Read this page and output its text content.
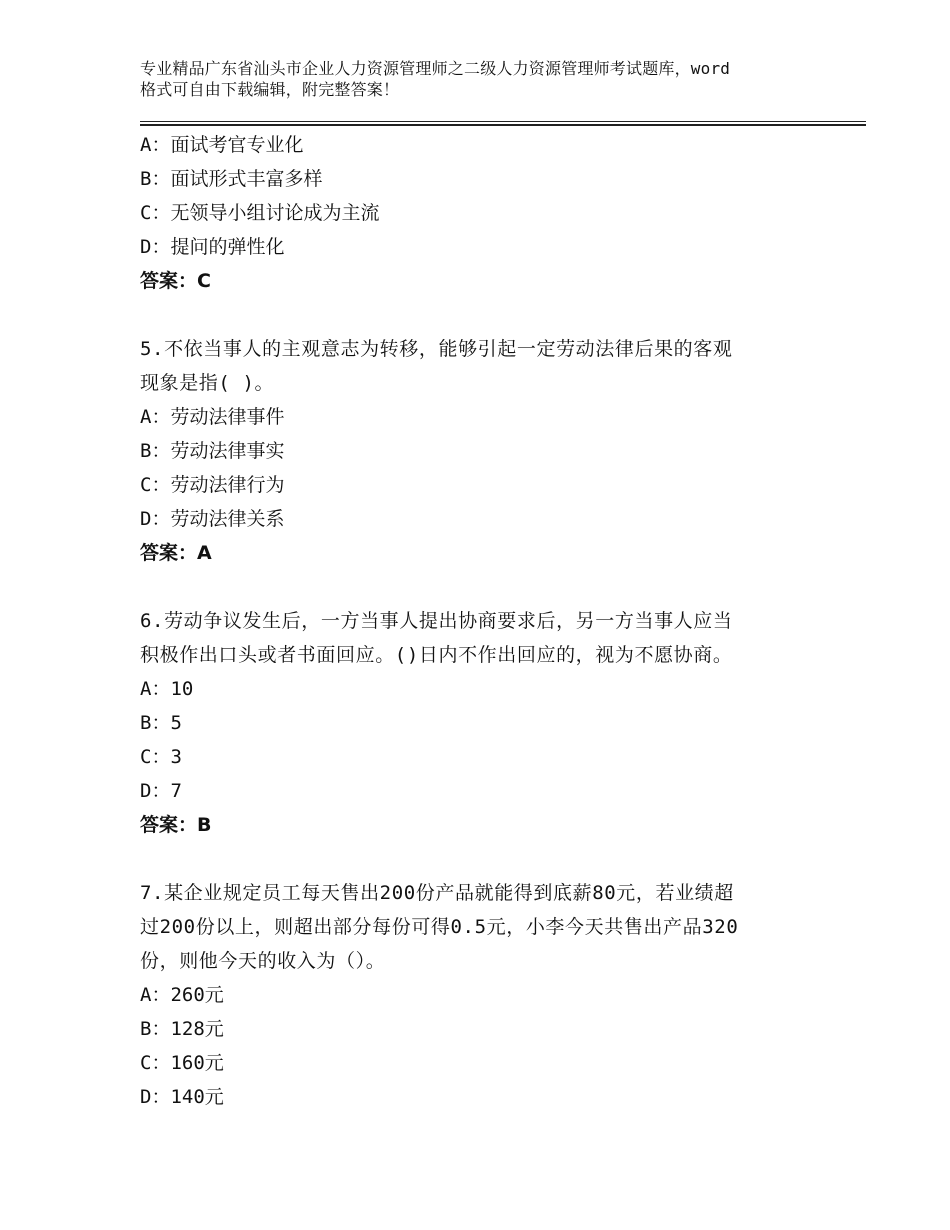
专业精品广东省汕头市企业人力资源管理师之二级人力资源管理师考试题库，word
格式可自由下载编辑，附完整答案！
A：面试考官专业化
B：面试形式丰富多样
C：无领导小组讨论成为主流
D：提问的弹性化
答案：C
5.不依当事人的主观意志为转移，能够引起一定劳动法律后果的客观
现象是指( )。
A：劳动法律事件
B：劳动法律事实
C：劳动法律行为
D：劳动法律关系
答案：A
6.劳动争议发生后，一方当事人提出协商要求后，另一方当事人应当
积极作出口头或者书面回应。()日内不作出回应的，视为不愿协商。
A：10
B：5
C：3
D：7
答案：B
7.某企业规定员工每天售出200份产品就能得到底薪80元，若业绩超
过200份以上，则超出部分每份可得0.5元，小李今天共售出产品320
份，则他今天的收入为（）。
A：260元
B：128元
C：160元
D：140元
